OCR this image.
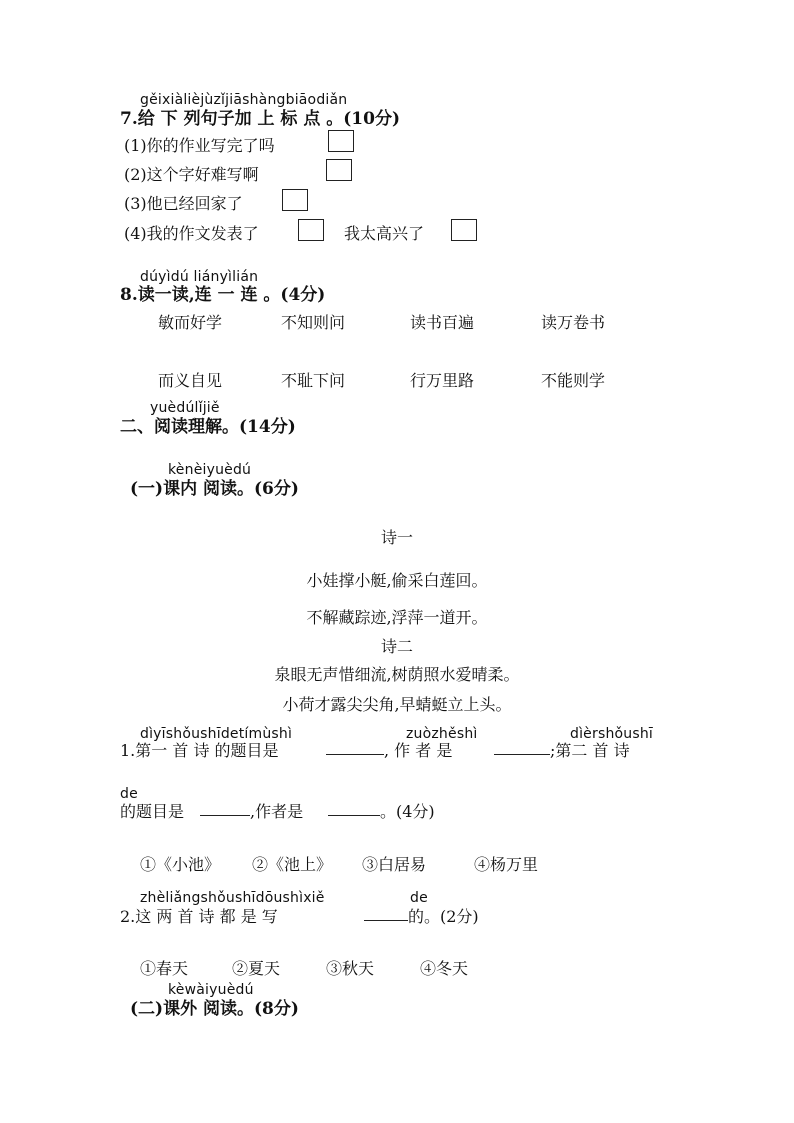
gěixiàlièjùzǐjiāshàngbiāodiǎn
7.给 下 列句子加 上 标 点 。(10分)
(1)你的作业写完了吗
(2)这个字好难写啊
(3)他已经回家了
(4)我的作文发表了	我太高兴了
dúyìdú liányìlián
8.读一读,连 一 连 。(4分)
敏而好学	不知则问	读书百遍	读万卷书
而义自见	不耻下问	行万里路	不能则学
yuèdúlǐjiě
二、阅读理解。(14分)
kènèiyuèdú
(一)课内 阅读。(6分)
诗一
小娃撑小艇,偷采白莲回。
不解藏踪迹,浮萍一道开。
诗二
泉眼无声惜细流,树荫照水爱晴柔。
小荷才露尖尖角,早蜻蜓立上头。
dìyīshǒushīdetímùshì	zuòzhěshì	dìèrshǒushī
1.第一 首 诗 的题目是	, 作 者 是	;第二 首 诗
de
的题目是	,作者是	。(4分)
①《小池》 ②《池上》 ③白居易	④杨万里
zhèliǎngshǒushīdōushìxiě	de
2.这 两 首 诗 都 是 写	的。(2分)
①春天	②夏天	③秋天	④冬天
kèwàiyuèdú
(二)课外 阅读。(8分)
